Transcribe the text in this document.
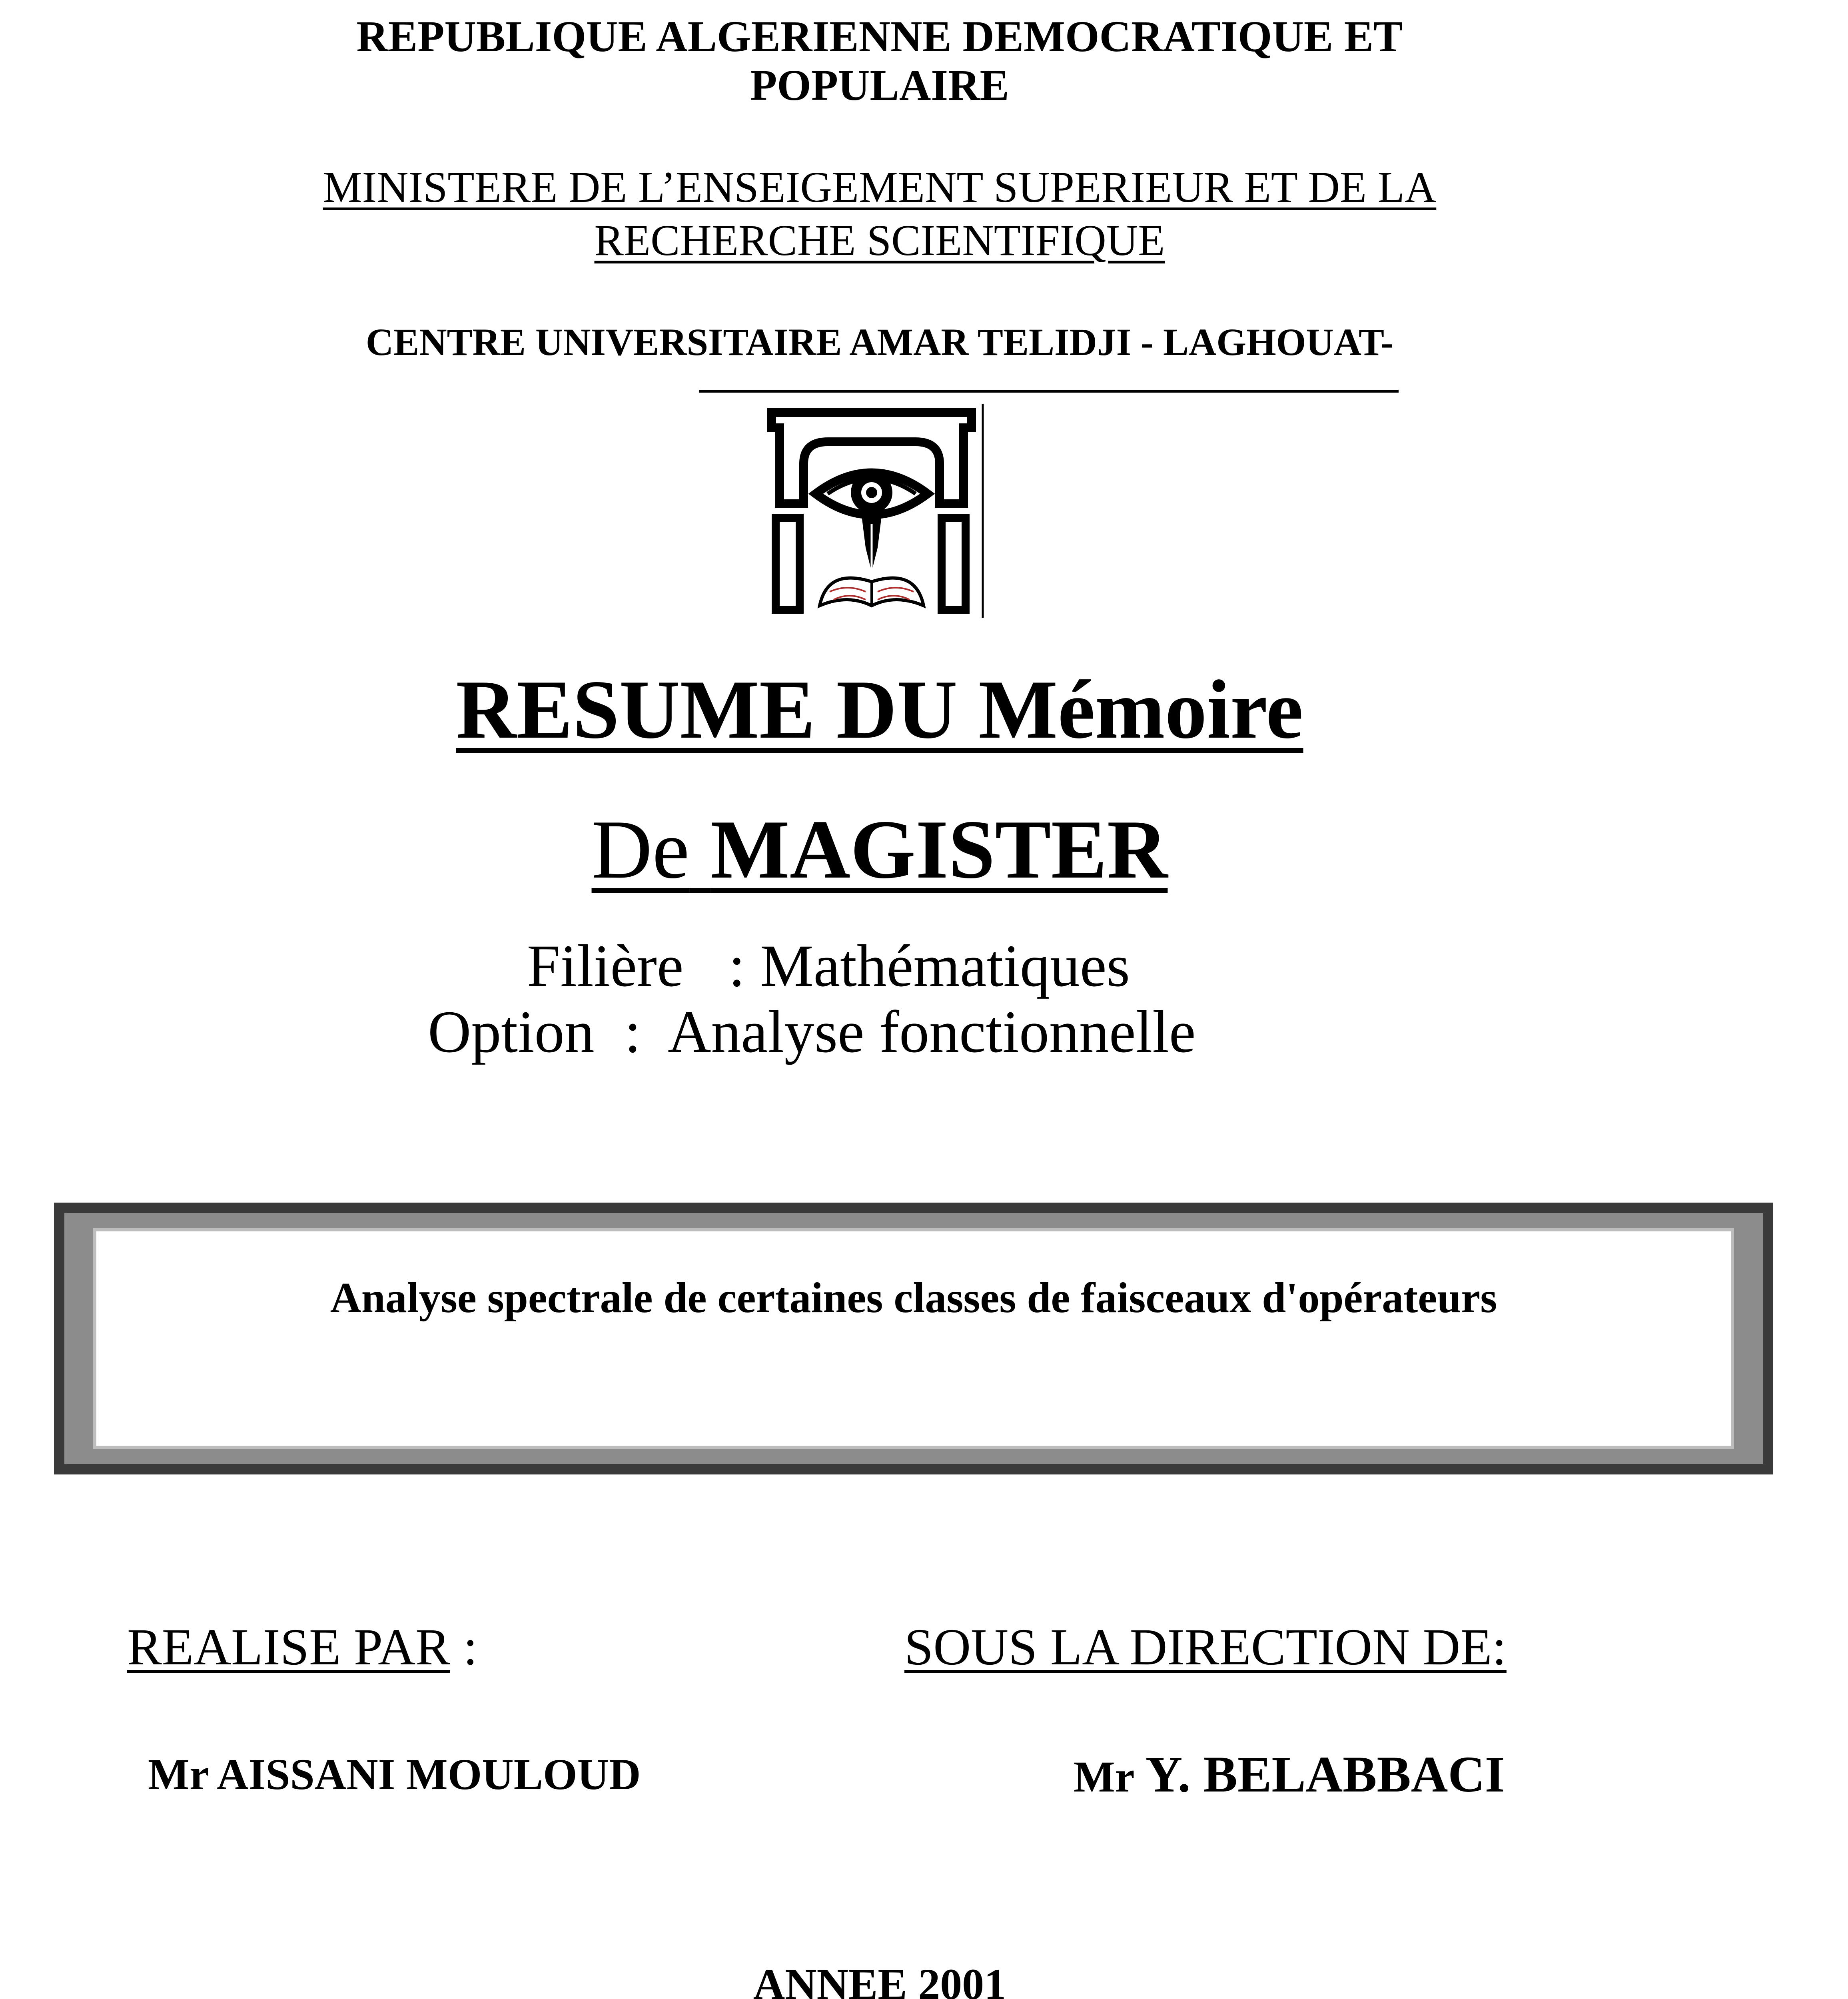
REPUBLIQUE ALGERIENNE DEMOCRATIQUE ET
POPULAIRE
MINISTERE DE L’ENSEIGEMENT SUPERIEUR ET DE LA
RECHERCHE SCIENTIFIQUE
CENTRE UNIVERSITAIRE AMAR TELIDJI - LAGHOUAT-
RESUME DU Mémoire
De MAGISTER
Filière   : Mathématiques
Option  :  Analyse fonctionnelle
Analyse spectrale de certaines classes de faisceaux d'opérateurs
REALISE PAR :	SOUS LA DIRECTION DE:
Mr AISSANI MOULOUD	Mr Y. BELABBACI
ANNEE 2001
